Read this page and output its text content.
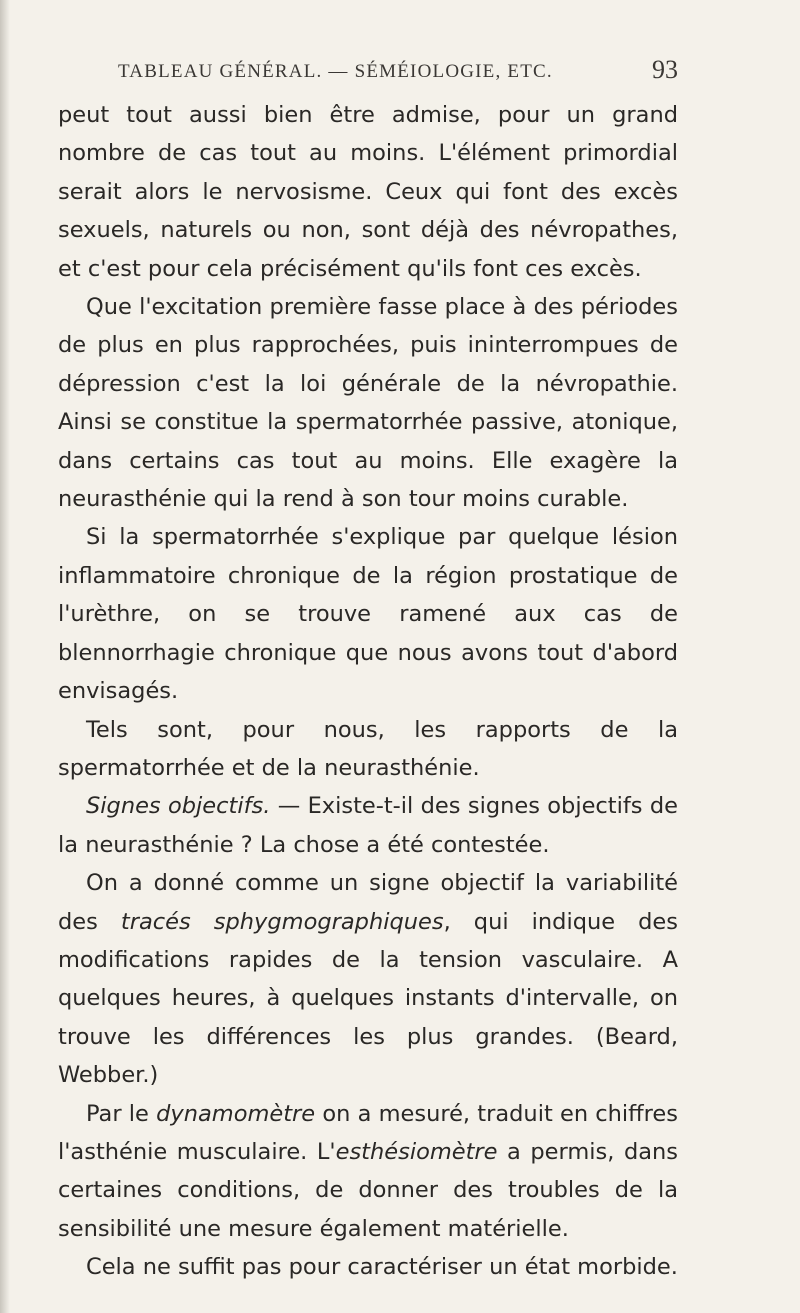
TABLEAU GÉNÉRAL. — SÉMÉIOLOGIE, ETC.	93

peut tout aussi bien être admise, pour un grand nombre de cas tout au moins. L'élément primordial serait alors le nervosisme. Ceux qui font des excès sexuels, naturels ou non, sont déjà des névropathes, et c'est pour cela précisément qu'ils font ces excès.

Que l'excitation première fasse place à des périodes de plus en plus rapprochées, puis ininterrompues de dépression c'est la loi générale de la névropathie. Ainsi se constitue la spermatorrhée passive, atonique, dans certains cas tout au moins. Elle exagère la neurasthénie qui la rend à son tour moins curable.

Si la spermatorrhée s'explique par quelque lésion inflammatoire chronique de la région prostatique de l'urèthre, on se trouve ramené aux cas de blennorrhagie chronique que nous avons tout d'abord envisagés.

Tels sont, pour nous, les rapports de la spermatorrhée et de la neurasthénie.

Signes objectifs. — Existe-t-il des signes objectifs de la neurasthénie ? La chose a été contestée.

On a donné comme un signe objectif la variabilité des tracés sphygmographiques, qui indique des modifications rapides de la tension vasculaire. A quelques heures, à quelques instants d'intervalle, on trouve les différences les plus grandes. (Beard, Webber.)

Par le dynamomètre on a mesuré, traduit en chiffres l'asthénie musculaire. L'esthésiomètre a permis, dans certaines conditions, de donner des troubles de la sensibilité une mesure également matérielle.

Cela ne suffit pas pour caractériser un état morbide.
